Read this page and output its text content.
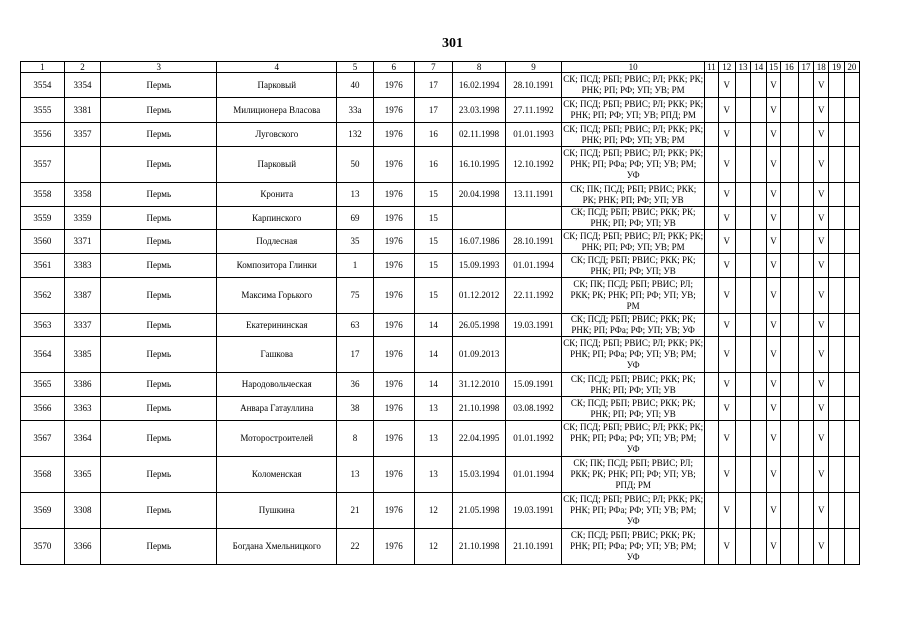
301
1	2	3	4	5	6	7	8	9	10	11	12	13	14	15	16	17	18	19	20
3554	3354	Пермь	Парковый	40	1976	17	16.02.1994	28.10.1991	СК; ПСД; РБП; РВИС; РЛ; РКК; РК; РНК; РП; РФ; УП; УВ; РМ		V			V			V		
3555	3381	Пермь	Милиционера Власова	33а	1976	17	23.03.1998	27.11.1992	СК; ПСД; РБП; РВИС; РЛ; РКК; РК; РНК; РП; РФ; УП; УВ; РПД; РМ		V			V			V		
3556	3357	Пермь	Луговского	132	1976	16	02.11.1998	01.01.1993	СК; ПСД; РБП; РВИС; РЛ; РКК; РК; РНК; РП; РФ; УП; УВ; РМ		V			V			V		
3557		Пермь	Парковый	50	1976	16	16.10.1995	12.10.1992	СК; ПСД; РБП; РВИС; РЛ; РКК; РК; РНК; РП; РФа; РФ; УП; УВ; РМ; УФ		V			V			V		
3558	3358	Пермь	Кронита	13	1976	15	20.04.1998	13.11.1991	СК; ПК; ПСД; РБП; РВИС; РКК; РК; РНК; РП; РФ; УП; УВ		V			V			V		
3559	3359	Пермь	Карпинского	69	1976	15			СК; ПСД; РБП; РВИС; РКК; РК; РНК; РП; РФ; УП; УВ		V			V			V		
3560	3371	Пермь	Подлесная	35	1976	15	16.07.1986	28.10.1991	СК; ПСД; РБП; РВИС; РЛ; РКК; РК; РНК; РП; РФ; УП; УВ; РМ		V			V			V		
3561	3383	Пермь	Композитора Глинки	1	1976	15	15.09.1993	01.01.1994	СК; ПСД; РБП; РВИС; РКК; РК; РНК; РП; РФ; УП; УВ		V			V			V		
3562	3387	Пермь	Максима Горького	75	1976	15	01.12.2012	22.11.1992	СК; ПК; ПСД; РБП; РВИС; РЛ; РКК; РК; РНК; РП; РФ; УП; УВ; РМ		V			V			V		
3563	3337	Пермь	Екатерининская	63	1976	14	26.05.1998	19.03.1991	СК; ПСД; РБП; РВИС; РКК; РК; РНК; РП; РФа; РФ; УП; УВ; УФ		V			V			V		
3564	3385	Пермь	Гашкова	17	1976	14	01.09.2013		СК; ПСД; РБП; РВИС; РЛ; РКК; РК; РНК; РП; РФа; РФ; УП; УВ; РМ; УФ		V			V			V		
3565	3386	Пермь	Народовольческая	36	1976	14	31.12.2010	15.09.1991	СК; ПСД; РБП; РВИС; РКК; РК; РНК; РП; РФ; УП; УВ		V			V			V		
3566	3363	Пермь	Анвара Гатауллина	38	1976	13	21.10.1998	03.08.1992	СК; ПСД; РБП; РВИС; РКК; РК; РНК; РП; РФ; УП; УВ		V			V			V		
3567	3364	Пермь	Моторостроителей	8	1976	13	22.04.1995	01.01.1992	СК; ПСД; РБП; РВИС; РЛ; РКК; РК; РНК; РП; РФа; РФ; УП; УВ; РМ; УФ		V			V			V		
3568	3365	Пермь	Коломенская	13	1976	13	15.03.1994	01.01.1994	СК; ПК; ПСД; РБП; РВИС; РЛ; РКК; РК; РНК; РП; РФ; УП; УВ; РПД; РМ		V			V			V		
3569	3308	Пермь	Пушкина	21	1976	12	21.05.1998	19.03.1991	СК; ПСД; РБП; РВИС; РЛ; РКК; РК; РНК; РП; РФа; РФ; УП; УВ; РМ; УФ		V			V			V		
3570	3366	Пермь	Богдана Хмельницкого	22	1976	12	21.10.1998	21.10.1991	СК; ПСД; РБП; РВИС; РКК; РК; РНК; РП; РФа; РФ; УП; УВ; РМ; УФ		V			V			V		
